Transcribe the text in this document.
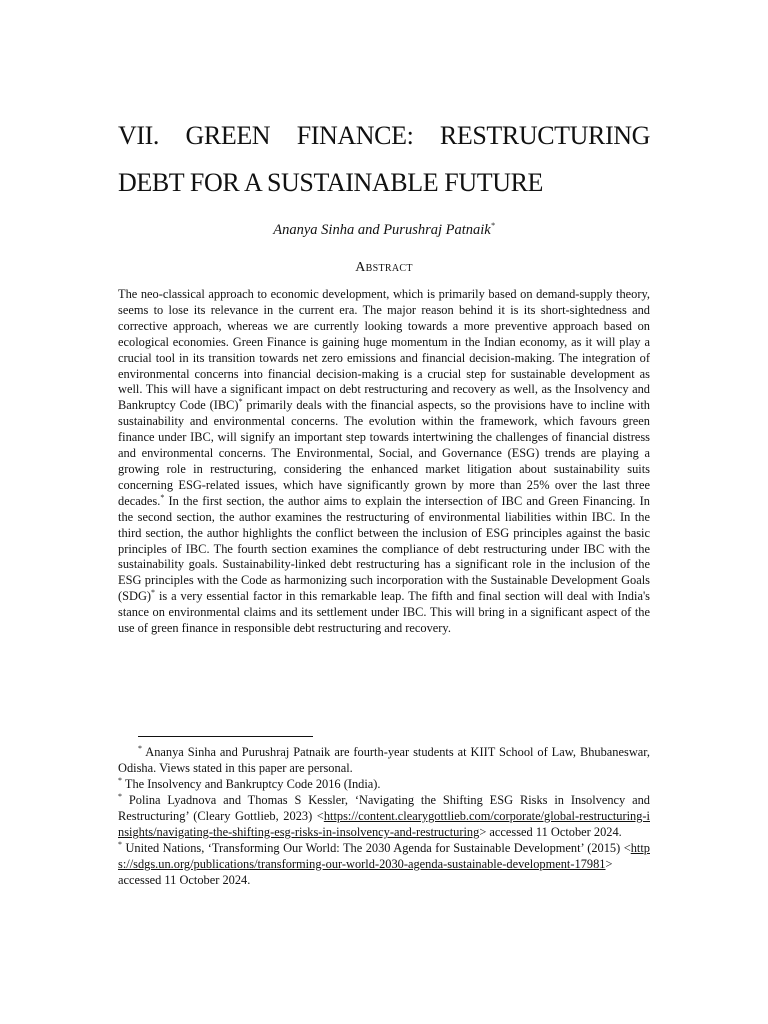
VII. GREEN FINANCE: RESTRUCTURING
DEBT FOR A SUSTAINABLE FUTURE
Ananya Sinha and Purushraj Patnaik*
Abstract

The neo-classical approach to economic development, which is primarily based on demand-supply theory, seems to lose its relevance in the current era. The major reason behind it is its short-sightedness and corrective approach, whereas we are currently looking towards a more preventive approach based on ecological economies. Green Finance is gaining huge momentum in the Indian economy, as it will play a crucial tool in its transition towards net zero emissions and financial decision-making. The integration of environmental concerns into financial decision-making is a crucial step for sustainable development as well. This will have a significant impact on debt restructuring and recovery as well, as the Insolvency and Bankruptcy Code (IBC)* primarily deals with the financial aspects, so the provisions have to incline with sustainability and environmental concerns. The evolution within the framework, which favours green finance under IBC, will signify an important step towards intertwining the challenges of financial distress and environmental concerns. The Environmental, Social, and Governance (ESG) trends are playing a growing role in restructuring, considering the enhanced market litigation about sustainability suits concerning ESG-related issues, which have significantly grown by more than 25% over the last three decades.* In the first section, the author aims to explain the intersection of IBC and Green Financing. In the second section, the author examines the restructuring of environmental liabilities within IBC. In the third section, the author highlights the conflict between the inclusion of ESG principles against the basic principles of IBC. The fourth section examines the compliance of debt restructuring under IBC with the sustainability goals. Sustainability-linked debt restructuring has a significant role in the inclusion of the ESG principles with the Code as harmonizing such incorporation with the Sustainable Development Goals (SDG)* is a very essential factor in this remarkable leap. The fifth and final section will deal with India's stance on environmental claims and its settlement under IBC. This will bring in a significant aspect of the use of green finance in responsible debt restructuring and recovery.

* Ananya Sinha and Purushraj Patnaik are fourth-year students at KIIT School of Law, Bhubaneswar, Odisha. Views stated in this paper are personal.

* The Insolvency and Bankruptcy Code 2016 (India).

* Polina Lyadnova and Thomas S Kessler, ‘Navigating the Shifting ESG Risks in Insolvency and Restructuring’ (Cleary Gottlieb, 2023) <https://content.clearygottlieb.com/corporate/global-restructuring-insights/navigating-the-shifting-esg-risks-in-insolvency-and-restructuring> accessed 11 October 2024.

* United Nations, ‘Transforming Our World: The 2030 Agenda for Sustainable Development’ (2015) <https://sdgs.un.org/publications/transforming-our-world-2030-agenda-sustainable-development-17981> accessed 11 October 2024.
